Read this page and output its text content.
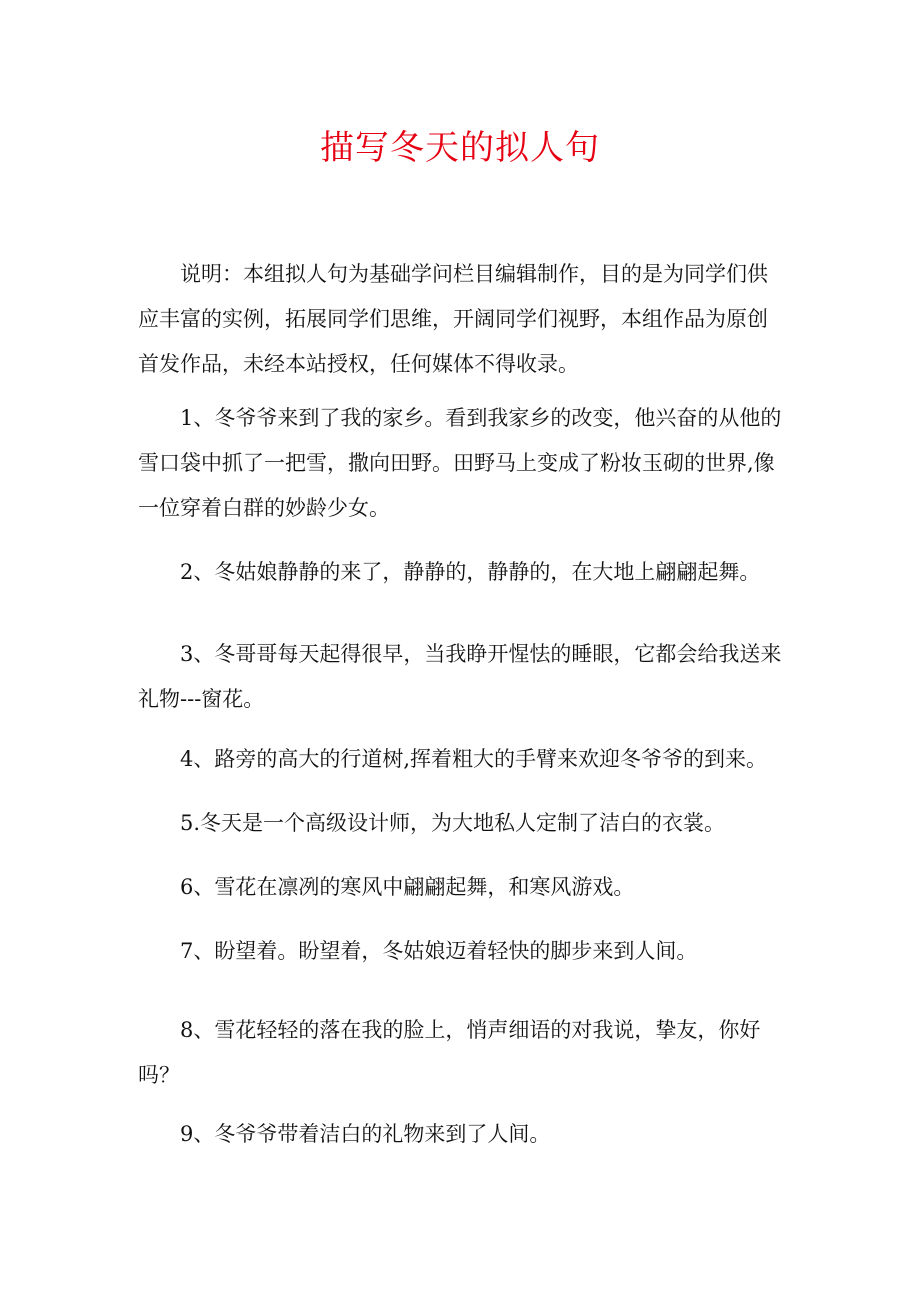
描写冬天的拟人句

说明：本组拟人句为基础学问栏目编辑制作，目的是为同学们供应丰富的实例，拓展同学们思维，开阔同学们视野，本组作品为原创首发作品，未经本站授权，任何媒体不得收录。

1、冬爷爷来到了我的家乡。看到我家乡的改变，他兴奋的从他的雪口袋中抓了一把雪，撒向田野。田野马上变成了粉妆玉砌的世界,像一位穿着白群的妙龄少女。

2、冬姑娘静静的来了，静静的，静静的，在大地上翩翩起舞。

3、冬哥哥每天起得很早，当我睁开惺怯的睡眼，它都会给我送来礼物---窗花。

4、路旁的高大的行道树,挥着粗大的手臂来欢迎冬爷爷的到来。

5.冬天是一个高级设计师，为大地私人定制了洁白的衣裳。

6、雪花在凛冽的寒风中翩翩起舞，和寒风游戏。

7、盼望着。盼望着，冬姑娘迈着轻快的脚步来到人间。

8、雪花轻轻的落在我的脸上，悄声细语的对我说，挚友，你好吗？

9、冬爷爷带着洁白的礼物来到了人间。
